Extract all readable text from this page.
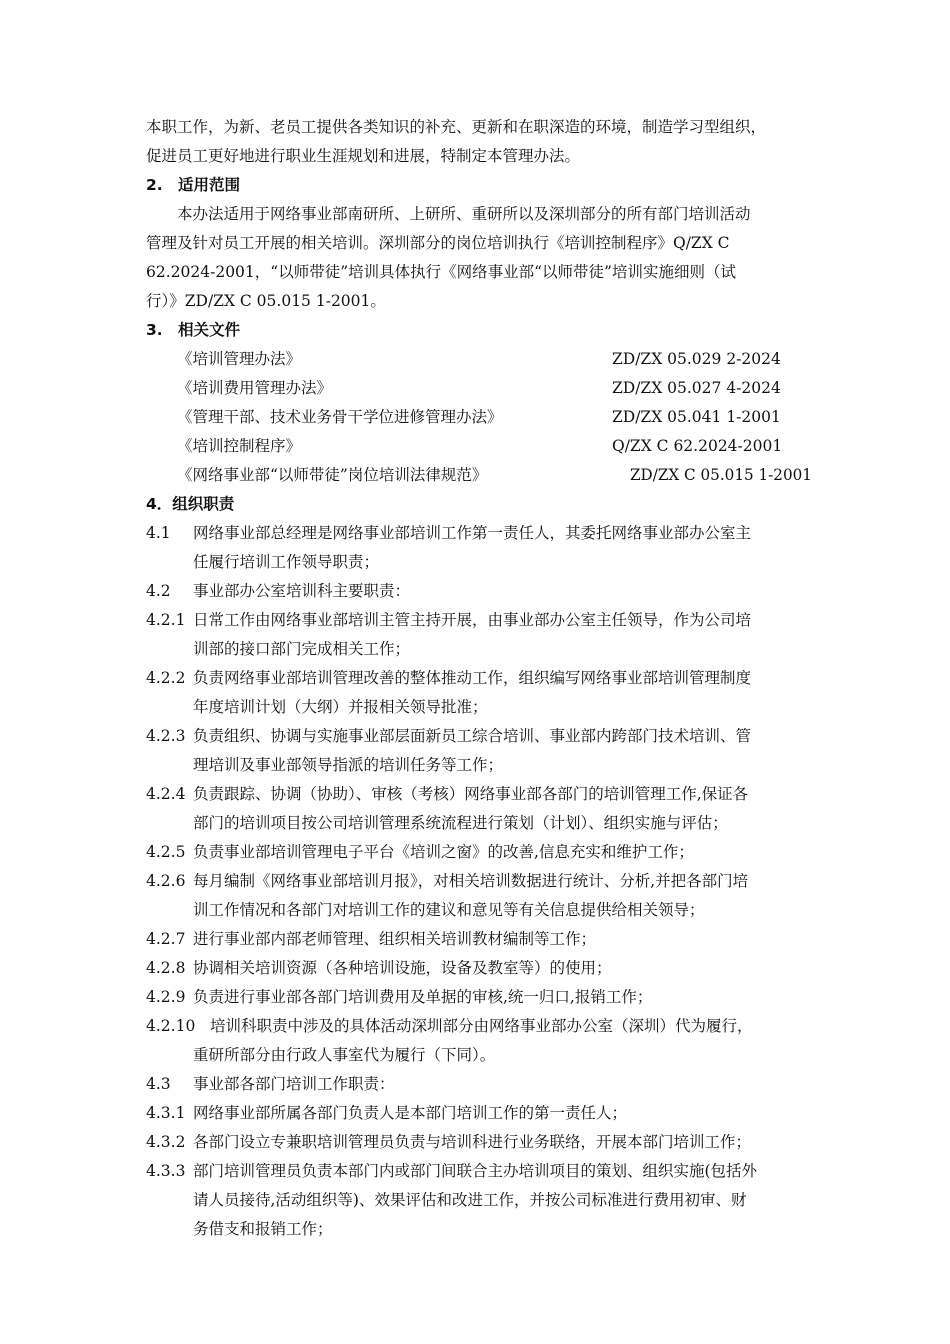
本职工作，为新、老员工提供各类知识的补充、更新和在职深造的环境，制造学习型组织，
促进员工更好地进行职业生涯规划和进展，特制定本管理办法。
2. 适用范围
本办法适用于网络事业部南研所、上研所、重研所以及深圳部分的所有部门培训活动
管理及针对员工开展的相关培训。深圳部分的岗位培训执行《培训控制程序》Q/ZX C
62.2024-2001，“以师带徒”培训具体执行《网络事业部“以师带徒”培训实施细则（试
行）》ZD/ZX C 05.015 1-2001。
3. 相关文件
《培训管理办法》	ZD/ZX 05.029 2-2024
《培训费用管理办法》	ZD/ZX 05.027 4-2024
《管理干部、技术业务骨干学位进修管理办法》	ZD/ZX 05.041 1-2001
《培训控制程序》	Q/ZX C 62.2024-2001
《网络事业部“以师带徒”岗位培训法律规范》	ZD/ZX C 05.015 1-2001
4．组织职责
4.1 网络事业部总经理是网络事业部培训工作第一责任人，其委托网络事业部办公室主
任履行培训工作领导职责；
4.2 事业部办公室培训科主要职责：
4.2.1 日常工作由网络事业部培训主管主持开展，由事业部办公室主任领导，作为公司培
训部的接口部门完成相关工作；
4.2.2 负责网络事业部培训管理改善的整体推动工作，组织编写网络事业部培训管理制度
年度培训计划（大纲）并报相关领导批准；
4.2.3 负责组织、协调与实施事业部层面新员工综合培训、事业部内跨部门技术培训、管
理培训及事业部领导指派的培训任务等工作；
4.2.4 负责跟踪、协调（协助）、审核（考核）网络事业部各部门的培训管理工作,保证各
部门的培训项目按公司培训管理系统流程进行策划（计划）、组织实施与评估；
4.2.5 负责事业部培训管理电子平台《培训之窗》的改善,信息充实和维护工作；
4.2.6 每月编制《网络事业部培训月报》，对相关培训数据进行统计、分析,并把各部门培
训工作情况和各部门对培训工作的建议和意见等有关信息提供给相关领导；
4.2.7 进行事业部内部老师管理、组织相关培训教材编制等工作；
4.2.8 协调相关培训资源（各种培训设施，设备及教室等）的使用；
4.2.9 负责进行事业部各部门培训费用及单据的审核,统一归口,报销工作；
4.2.10 培训科职责中涉及的具体活动深圳部分由网络事业部办公室（深圳）代为履行，
重研所部分由行政人事室代为履行（下同）。
4.3 事业部各部门培训工作职责：
4.3.1 网络事业部所属各部门负责人是本部门培训工作的第一责任人；
4.3.2 各部门设立专兼职培训管理员负责与培训科进行业务联络，开展本部门培训工作；
4.3.3 部门培训管理员负责本部门内或部门间联合主办培训项目的策划、组织实施(包括外
请人员接待,活动组织等)、效果评估和改进工作，并按公司标准进行费用初审、财
务借支和报销工作；
